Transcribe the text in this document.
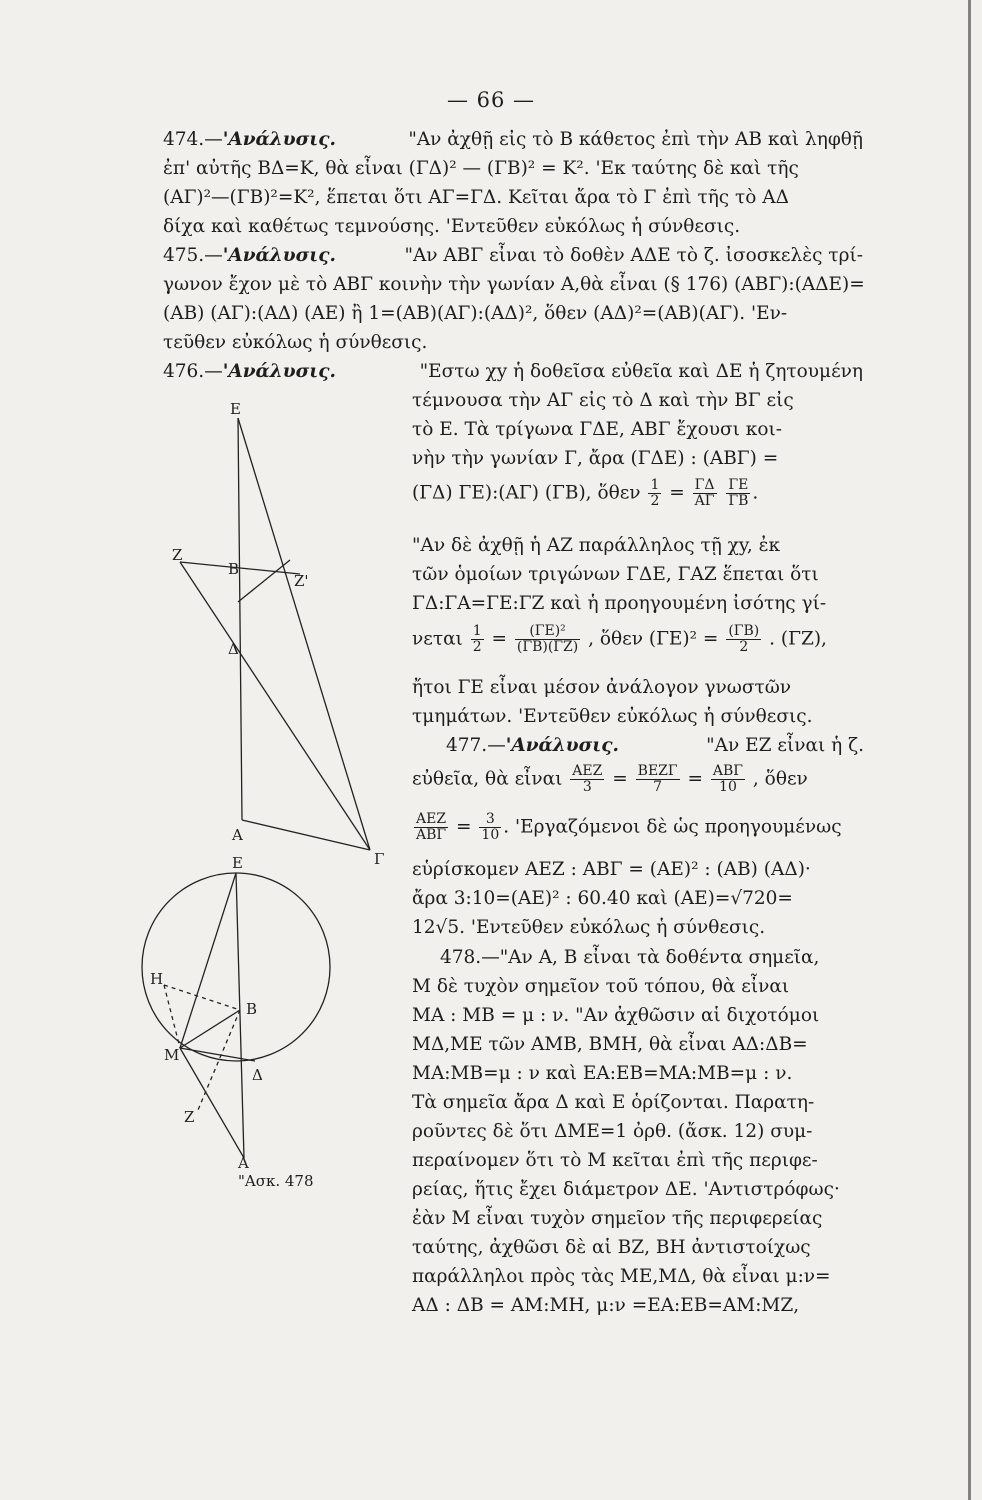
— 66 —
474.—'Ανάλυσις.	"Αν ἀχθῇ εἰς τὸ Β κάθετος ἐπὶ τὴν ΑΒ καὶ ληφθῇ
ἐπ' αὐτῆς ΒΔ=Κ, θὰ εἶναι (ΓΔ)² — (ΓΒ)² = Κ². 'Εκ ταύτης δὲ καὶ τῆς
(ΑΓ)²—(ΓΒ)²=Κ², ἕπεται ὅτι ΑΓ=ΓΔ. Κεῖται ἄρα τὸ Γ ἐπὶ τῆς τὸ ΑΔ
δίχα καὶ καθέτως τεμνούσης. 'Εντεῦθεν εὐκόλως ἡ σύνθεσις.
475.—'Ανάλυσις.	"Αν ΑΒΓ εἶναι τὸ δοθὲν ΑΔΕ τὸ ζ. ἰσοσκελὲς τρί-
γωνον ἔχον μὲ τὸ ΑΒΓ κοινὴν τὴν γωνίαν Α,θὰ εἶναι (§ 176) (ΑΒΓ):(ΑΔΕ)=
(ΑΒ) (ΑΓ):(ΑΔ) (ΑΕ) ἢ 1=(ΑΒ)(ΑΓ):(ΑΔ)², ὅθεν (ΑΔ)²=(ΑΒ)(ΑΓ). 'Εν-
τεῦθεν εὐκόλως ἡ σύνθεσις.
476.—'Ανάλυσις.	"Εστω χy ἡ δοθεῖσα εὐθεῖα καὶ ΔΕ ἡ ζητουμένη
τέμνουσα τὴν ΑΓ εἰς τὸ Δ καὶ τὴν ΒΓ εἰς
τὸ Ε. Τὰ τρίγωνα ΓΔΕ, ΑΒΓ ἔχουσι κοι-
νὴν τὴν γωνίαν Γ, ἄρα (ΓΔΕ) : (ΑΒΓ) =
(ΓΔ) ΓΕ):(ΑΓ) (ΓΒ), ὅθεν $\frac{1}{2} = \frac{\Gamma\Delta}{A\Gamma}$
$\frac{\Gamma E}{\Gamma B}$ .
"Αν δὲ ἀχθῇ ἡ ΑΖ παράλληλος τῇ χy, ἐκ
τῶν ὁμοίων τριγώνων ΓΔΕ, ΓΑΖ ἕπεται ὅτι
ΓΔ:ΓΑ=ΓΕ:ΓΖ καὶ ἡ προηγουμένη ἰσότης γί-
νεται $\frac{1}{2} = \frac{\text{(ΓΕ)²}}{(\Gamma B)(\Gamma Z)}$ , ὅθεν $(\Gamma E)^2 = \frac{(\Gamma B)}{2}$ . (ΓΖ),
ἤτοι ΓΕ εἶναι μέσον ἀνάλογον γνωστῶν
τμημάτων. 'Εντεῦθεν εὐκόλως ἡ σύνθεσις.
477.—'Ανάλυσις.	"Αν ΕΖ εἶναι ἡ ζ.
εὐθεῖα, θὰ εἶναι ΑΕΖ
3	= ΒΕΖΓ
7	= ΑΒΓ
10 , ὅθεν
ΑΕΖ
$AB\Gamma = \frac{3}{10}$ . 'Εργαζόμενοι δὲ ὡς προηγουμένως
εὑρίσκομεν ΑΕΖ : ΑΒΓ = (ΑΕ)² : (ΑΒ) (ΑΔ)·
ἄρα 3:10=(ΑΕ)² : 60.40 καὶ (ΑΕ)=√720=
12√5. 'Εντεῦθεν εὐκόλως ἡ σύνθεσις.
478.—"Αν Α, Β εἶναι τὰ δοθέντα σημεῖα,
Μ δὲ τυχὸν σημεῖον τοῦ τόπου, θὰ εἶναι
ΜΑ : ΜΒ = μ : ν. "Αν ἀχθῶσιν αἱ διχοτόμοι
ΜΔ,ΜΕ τῶν ΑΜΒ, ΒΜΗ, θὰ εἶναι ΑΔ:ΔΒ=
ΜΑ:ΜΒ=μ : ν καὶ ΕΑ:ΕΒ=ΜΑ:ΜΒ=μ : ν.
Τὰ σημεῖα ἄρα Δ καὶ Ε ὁρίζονται. Παρατη-
ροῦντες δὲ ὅτι ΔΜΕ=1 ὀρθ. (ἄσκ. 12) συμ-
περαίνομεν ὅτι τὸ Μ κεῖται ἐπὶ τῆς περιφε-
ρείας, ἥτις ἔχει διάμετρον ΔΕ. 'Αντιστρόφως·
ἐὰν Μ εἶναι τυχὸν σημεῖον τῆς περιφερείας
ταύτης, ἀχθῶσι δὲ αἱ ΒΖ, ΒΗ ἀντιστοίχως
παράλληλοι πρὸς τὰς ΜΕ,ΜΔ, θὰ εἶναι μ:ν=
ΑΔ : ΔΒ = ΑΜ:ΜΗ, μ:ν =ΕΑ:ΕΒ=ΑΜ:ΜΖ,
Ε
Ζ
Β
Ζ'
Δ
Α
Γ
Ε
Η
Β
Μ
Δ
Ζ
Α
"Ασκ. 478
